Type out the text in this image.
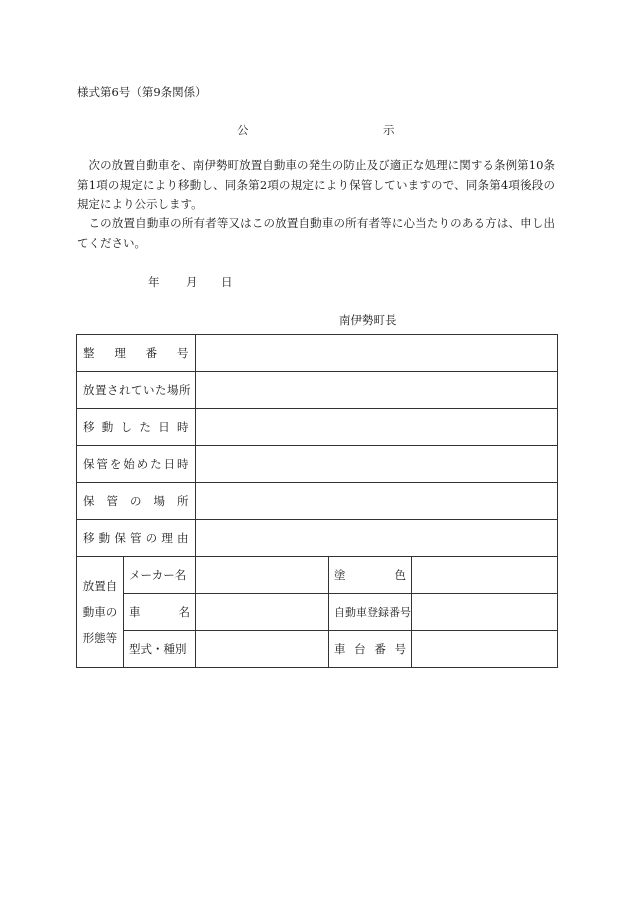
様式第6号（第9条関係）
公	示
次の放置自動車を、南伊勢町放置自動車の発生の防止及び適正な処理に関する条例第10条第1項の規定により移動し、同条第2項の規定により保管していますので、同条第4項後段の規定により公示します。
この放置自動車の所有者等又はこの放置自動車の所有者等に心当たりのある方は、申し出てください。
年 月 日
南伊勢町長
整理番号				
放置されていた場所				
移動した日時				
保管を始めた日時				
保管の場所				
移動保管の理由				

放置自
動車の
形態等	メーカー名		塗　　色	
	車　　名		自動車登録番号	
	型式・種別		車台番号	
